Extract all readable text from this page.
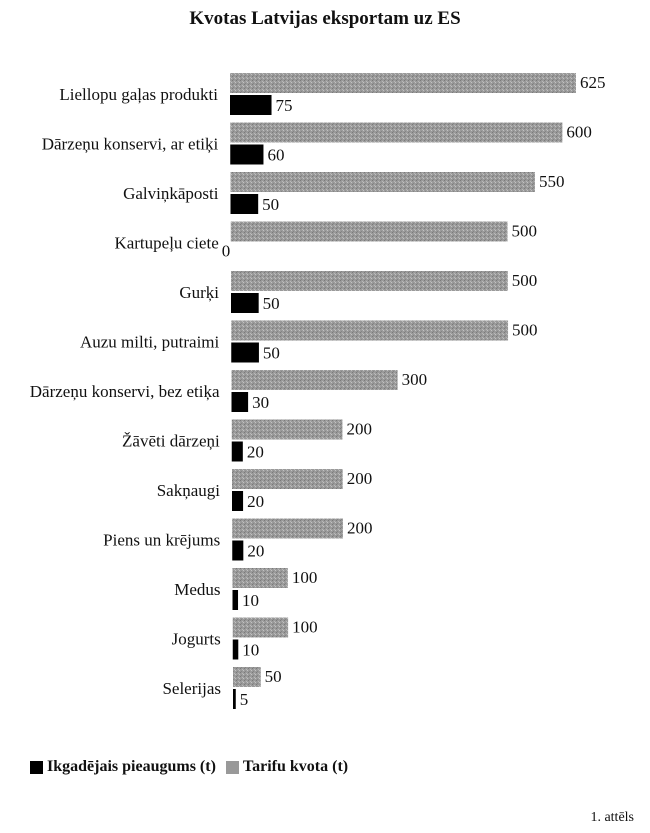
Kvotas Latvijas eksportam uz ES
Liellopu gaļas produkti
625
75
Dārzeņu konservi, ar etiķi
600
60
Galviņkāposti
550
50
Kartupeļu ciete
500
0
Gurķi
500
50
Auzu milti, putraimi
500
50
Dārzeņu konservi, bez etiķa
300
30
Žāvēti dārzeņi
200
20
Sakņaugi
200
20
Piens un krējums
200
20
Medus
100
10
Jogurts
100
10
Selerijas
50
5
Ikgadējais pieaugums (t) Tarifu kvota (t)
1. attēls
